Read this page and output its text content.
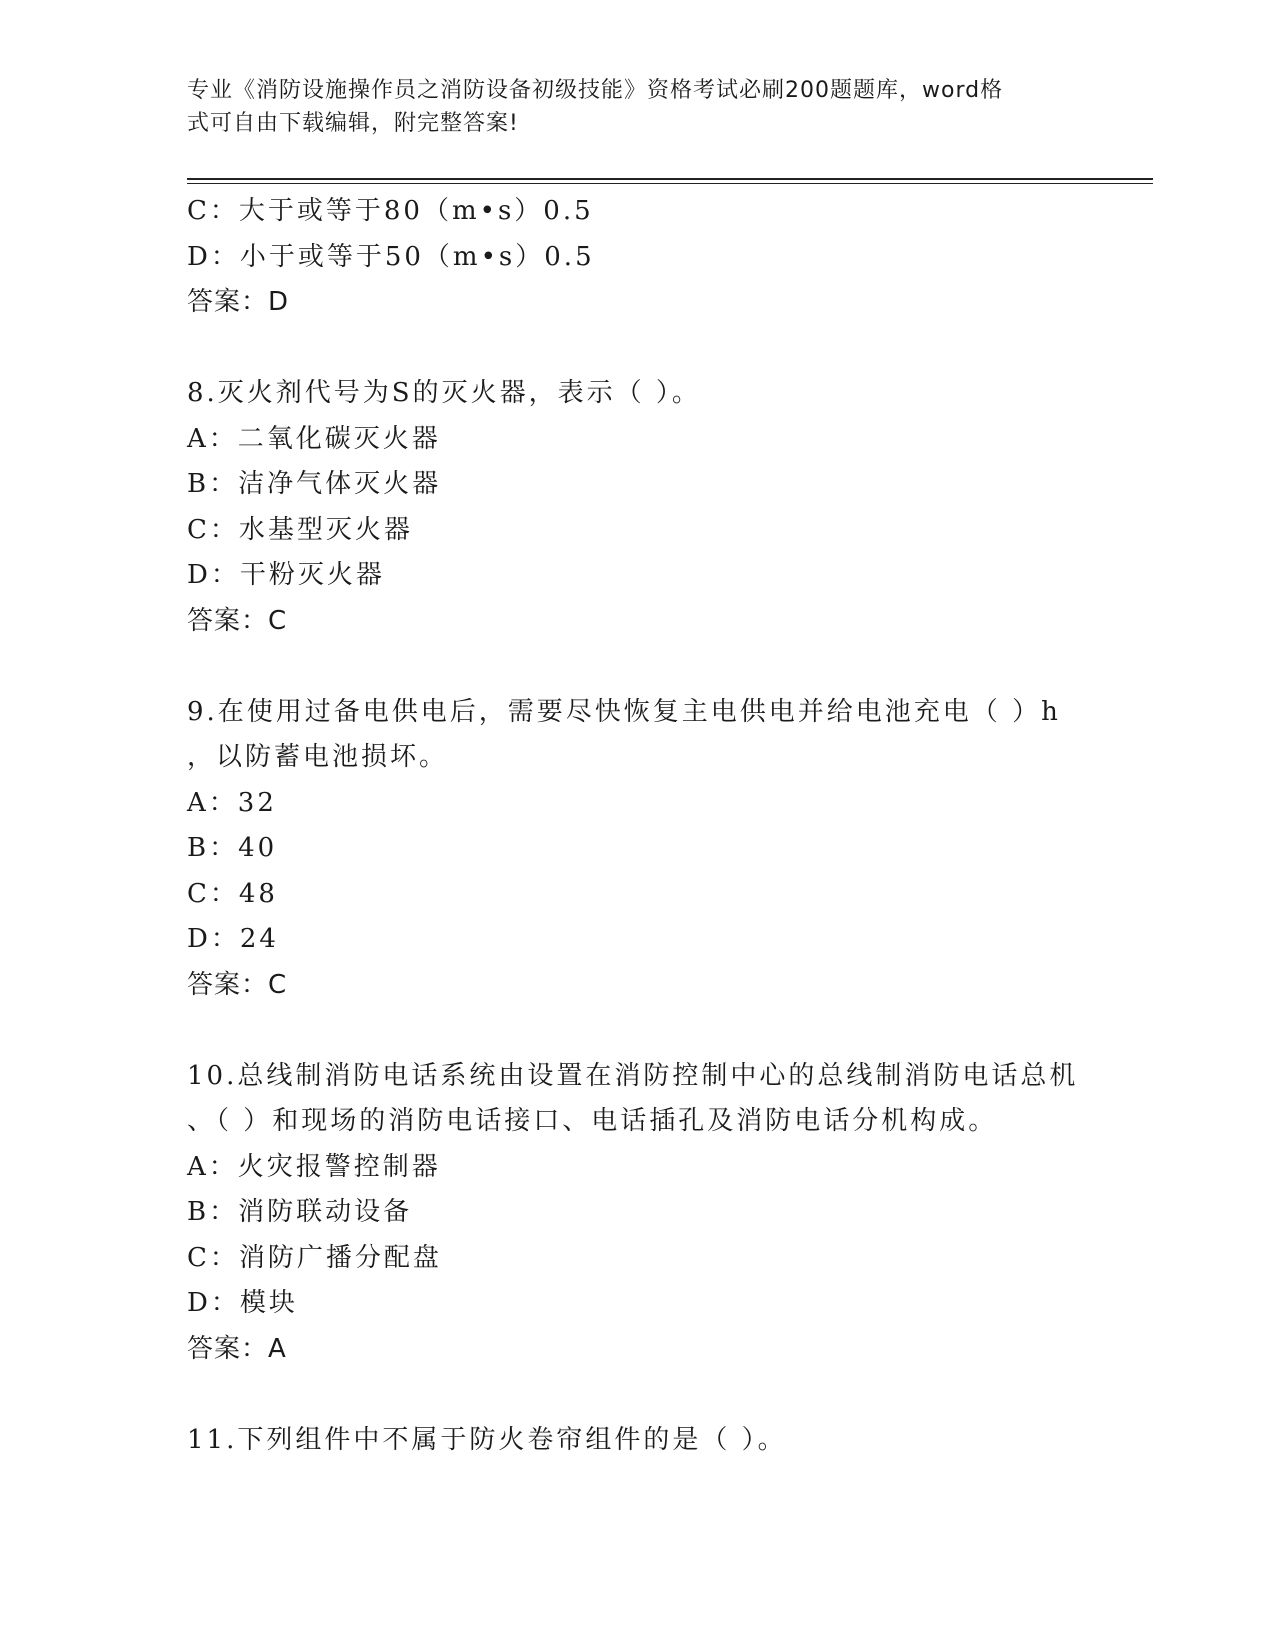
专业《消防设施操作员之消防设备初级技能》资格考试必刷200题题库，word格
式可自由下载编辑，附完整答案!
C：大于或等于80（m•s）0.5
D：小于或等于50（m•s）0.5
答案：D
8.灭火剂代号为S的灭火器，表示（ ）。
A：二氧化碳灭火器
B：洁净气体灭火器
C：水基型灭火器
D：干粉灭火器
答案：C
9.在使用过备电供电后，需要尽快恢复主电供电并给电池充电（ ）h
，以防蓄电池损坏。
A：32
B：40
C：48
D：24
答案：C
10.总线制消防电话系统由设置在消防控制中心的总线制消防电话总机
、（ ）和现场的消防电话接口、电话插孔及消防电话分机构成。
A：火灾报警控制器
B：消防联动设备
C：消防广播分配盘
D：模块
答案：A
11.下列组件中不属于防火卷帘组件的是（ ）。
